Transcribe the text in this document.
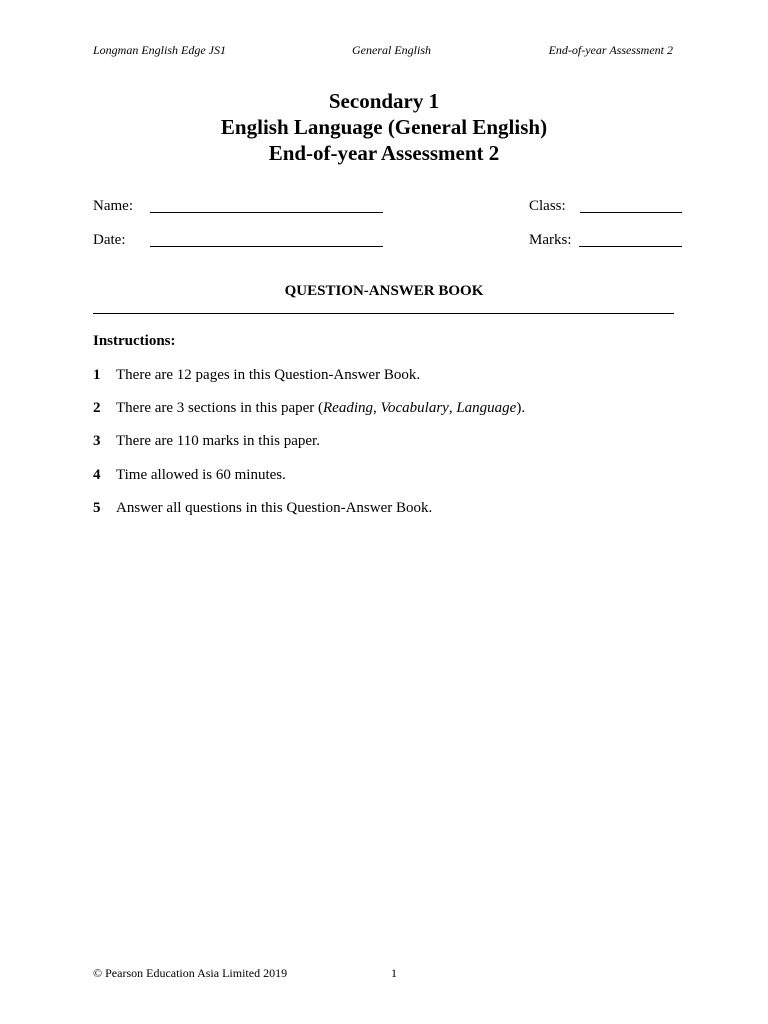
Longman English Edge JS1	General English	End-of-year Assessment 2
Secondary 1
English Language (General English)
End-of-year Assessment 2
Name:	Class:
Date:	Marks:
QUESTION-ANSWER BOOK
Instructions:
1 There are 12 pages in this Question-Answer Book.
2 There are 3 sections in this paper (Reading, Vocabulary, Language).
3 There are 110 marks in this paper.
4 Time allowed is 60 minutes.
5 Answer all questions in this Question-Answer Book.
© Pearson Education Asia Limited 2019	1
